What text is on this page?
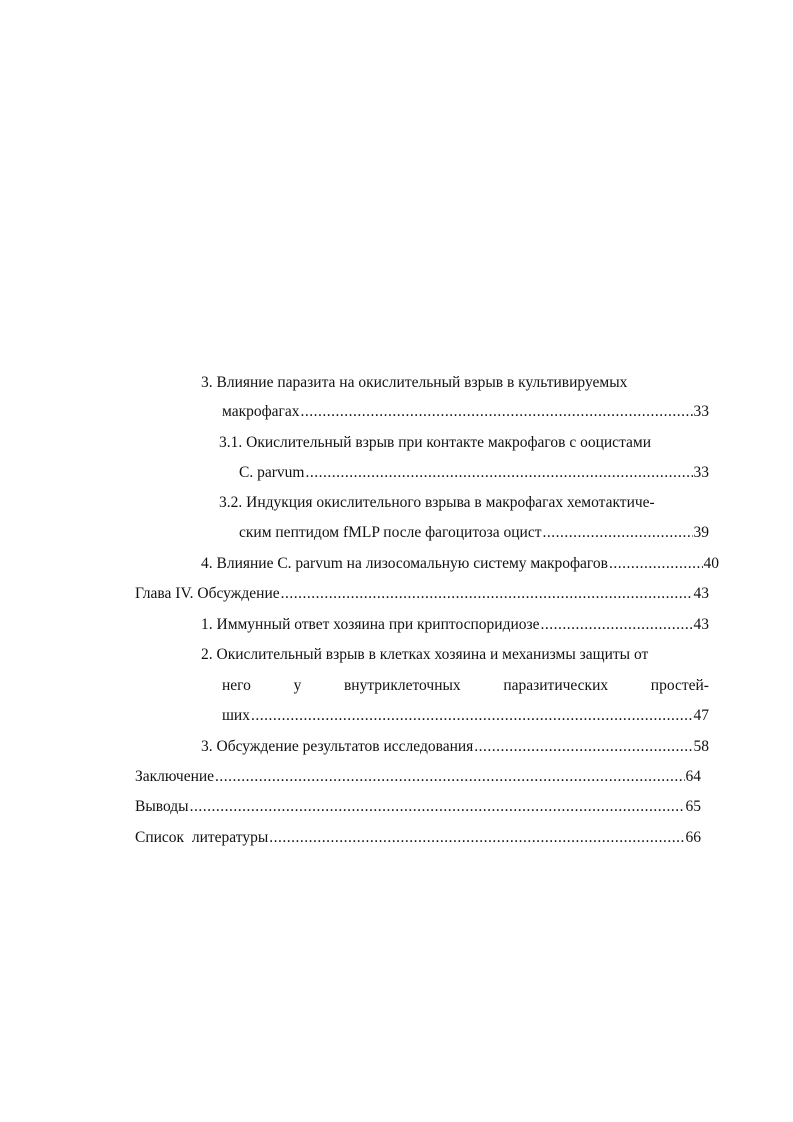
3. Влияние паразита на окислительный взрыв в культивируемых
макрофагах .....	33
3.1. Окислительный взрыв при контакте макрофагов с ооцистами
C. parvum .....	33
3.2. Индукция окислительного взрыва в макрофагах хемотактиче-
ским пептидом fMLP после фагоцитоза оцист .....	39
4. Влияние C. parvum на лизосомальную систему макрофагов .....	40
Глава IV. Обсуждение .....	43
1. Иммунный ответ хозяина при криптоспоридиозе .....	43
2. Окислительный взрыв в клетках хозяина и механизмы защиты от
него	у	внутриклеточных	паразитических	простей-
ших .....	47
3. Обсуждение результатов исследования .....	58
Заключение .....	64
Выводы .....	65
Список  литературы .....	66
